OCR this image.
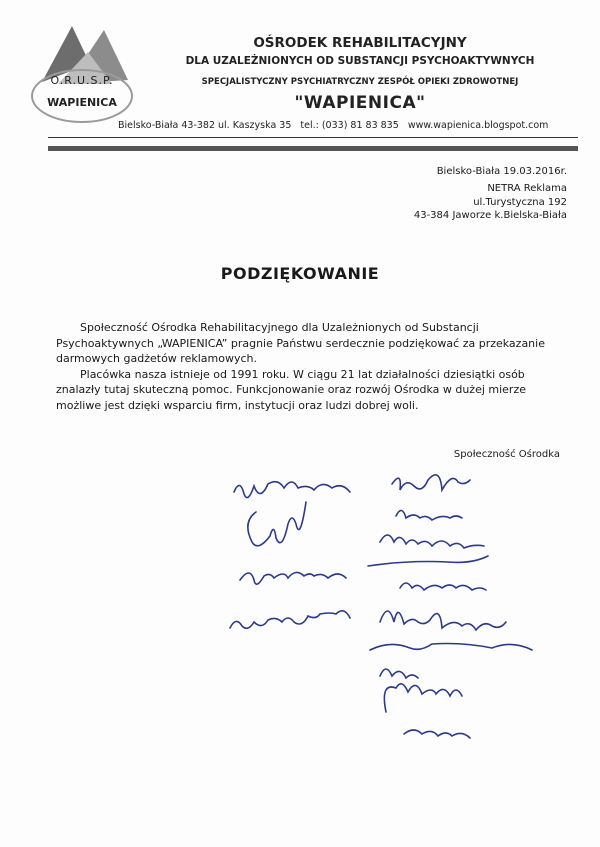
O.R.U.S.P.
WAPIENICA
OŚRODEK REHABILITACYJNY
DLA UZALEŻNIONYCH OD SUBSTANCJI PSYCHOAKTYWNYCH
SPECJALISTYCZNY PSYCHIATRYCZNY ZESPÓŁ OPIEKI ZDROWOTNEJ
"WAPIENICA"
Bielsko-Biała 43-382 ul. Kaszyska 35 tel.: (033) 81 83 835 www.wapienica.blogspot.com
Bielsko-Biała 19.03.2016r.
NETRA Reklama
ul.Turystyczna 192
43-384 Jaworze k.Bielska-Biała
PODZIĘKOWANIE

Społeczność Ośrodka Rehabilitacyjnego dla Uzależnionych od Substancji Psychoaktywnych „WAPIENICA” pragnie Państwu serdecznie podziękować za przekazanie darmowych gadżetów reklamowych.

Placówka nasza istnieje od 1991 roku. W ciągu 21 lat działalności dziesiątki osób znalazły tutaj skuteczną pomoc. Funkcjonowanie oraz rozwój Ośrodka w dużej mierze możliwe jest dzięki wsparciu firm, instytucji oraz ludzi dobrej woli.

Społeczność Ośrodka
